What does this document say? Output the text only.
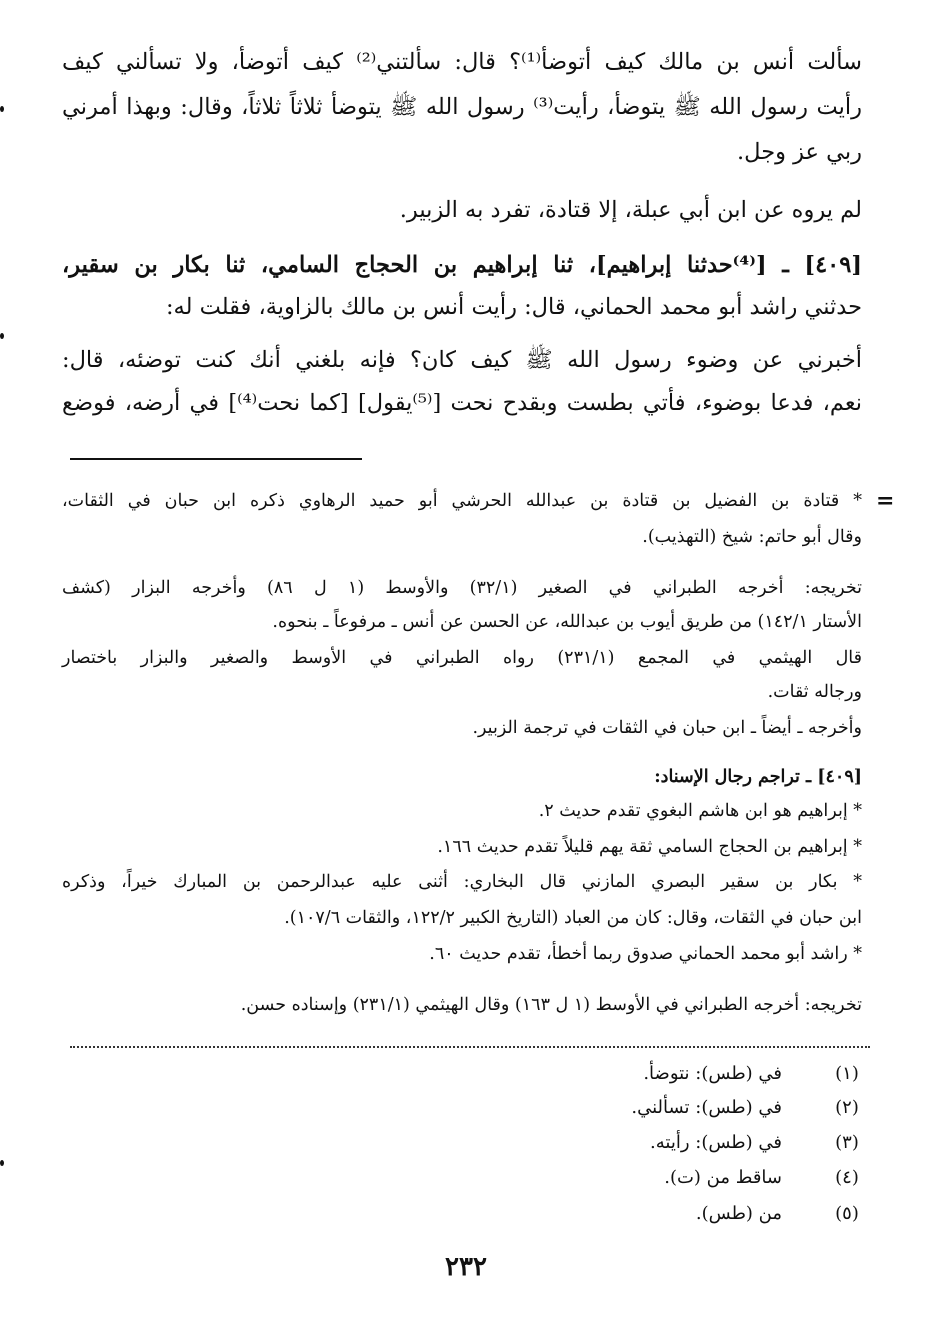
سألت أنس بن مالك كيف أتوضأ⁽¹⁾؟ قال: سألتني⁽²⁾ كيف أتوضأ، ولا تسألني كيف
رأيت رسول الله ﷺ يتوضأ، رأيت⁽³⁾ رسول الله ﷺ يتوضأ ثلاثاً ثلاثاً، وقال: وبهذا أمرني
ربي عز وجل.
لم يروه عن ابن أبي عبلة، إلا قتادة، تفرد به الزبير.
[٤٠٩] ـ [⁽⁴⁾حدثنا إبراهيم]، ثنا إبراهيم بن الحجاج السامي، ثنا بكار بن سقير،
حدثني راشد أبو محمد الحماني، قال: رأيت أنس بن مالك بالزاوية، فقلت له:
أخبرني عن وضوء رسول الله ﷺ كيف كان؟ فإنه بلغني أنك كنت توضئه، قال:
نعم، فدعا بوضوء، فأتي بطست وبقدح نحت [⁽⁵⁾يقول] [كما نحت⁽⁴⁾] في أرضه، فوضع
=
* قتادة بن الفضيل بن قتادة بن عبدالله الحرشي أبو حميد الرهاوي ذكره ابن حبان في الثقات،
وقال أبو حاتم: شيخ (التهذيب).
تخريجه: أخرجه الطبراني في الصغير (٣٢/١) والأوسط (١ ل ٨٦) وأخرجه البزار (كشف
الأستار ١٤٢/١) من طريق أيوب بن عبدالله، عن الحسن عن أنس ـ مرفوعاً ـ بنحوه.
قال الهيثمي في المجمع (٢٣١/١) رواه الطبراني في الأوسط والصغير والبزار باختصار
ورجاله ثقات.
وأخرجه ـ أيضاً ـ ابن حبان في الثقات في ترجمة الزبير.
[٤٠٩] ـ تراجم رجال الإسناد:
* إبراهيم هو ابن هاشم البغوي تقدم حديث ٢.
* إبراهيم بن الحجاج السامي ثقة يهم قليلاً تقدم حديث ١٦٦.
* بكار بن سقير البصري المازني قال البخاري: أثنى عليه عبدالرحمن بن المبارك خيراً، وذكره
ابن حبان في الثقات، وقال: كان من العباد (التاريخ الكبير ١٢٢/٢، والثقات ١٠٧/٦).
* راشد أبو محمد الحماني صدوق ربما أخطأ، تقدم حديث ٦٠.
تخريجه: أخرجه الطبراني في الأوسط (١ ل ١٦٣) وقال الهيثمي (٢٣١/١) وإسناده حسن.
(١)
في (طس): نتوضأ.
(٢)
في (طس): تسألني.
(٣)
في (طس): رأيته.
(٤)
ساقط من (ت).
(٥)
من (طس).
٢٣٢
